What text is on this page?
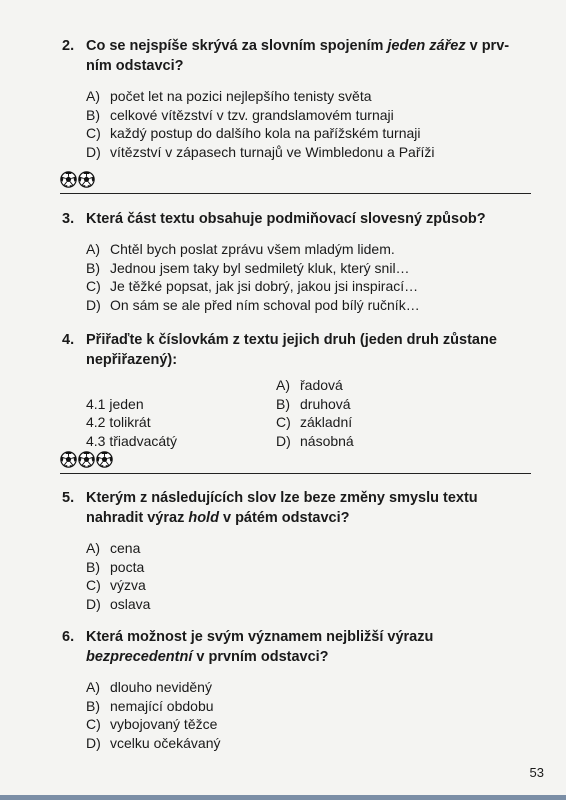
2. Co se nejspíše skrývá za slovním spojením jeden zářez v prv-
ním odstavci?
A) počet let na pozici nejlepšího tenisty světa
B) celkové vítězství v tzv. grandslamovém turnaji
C) každý postup do dalšího kola na pařížském turnaji
D) vítězství v zápasech turnajů ve Wimbledonu a Paříži
3. Která část textu obsahuje podmiňovací slovesný způsob?
A) Chtěl bych poslat zprávu všem mladým lidem.
B) Jednou jsem taky byl sedmiletý kluk, který snil…
C) Je těžké popsat, jak jsi dobrý, jakou jsi inspirací…
D) On sám se ale před ním schoval pod bílý ručník…
4. Přiřaďte k číslovkám z textu jejich druh (jeden druh zůstane
nepřiřazený):
4.1 jeden
4.2 tolikrát
4.3 třiadvacátý
A) řadová
B) druhová
C) základní
D) násobná
5. Kterým z následujících slov lze beze změny smyslu textu
nahradit výraz hold v pátém odstavci?
A) cena
B) pocta
C) výzva
D) oslava
6. Která možnost je svým významem nejbližší výrazu
bezprecedentní v prvním odstavci?
A) dlouho neviděný
B) nemající obdobu
C) vybojovaný těžce
D) vcelku očekávaný
53
